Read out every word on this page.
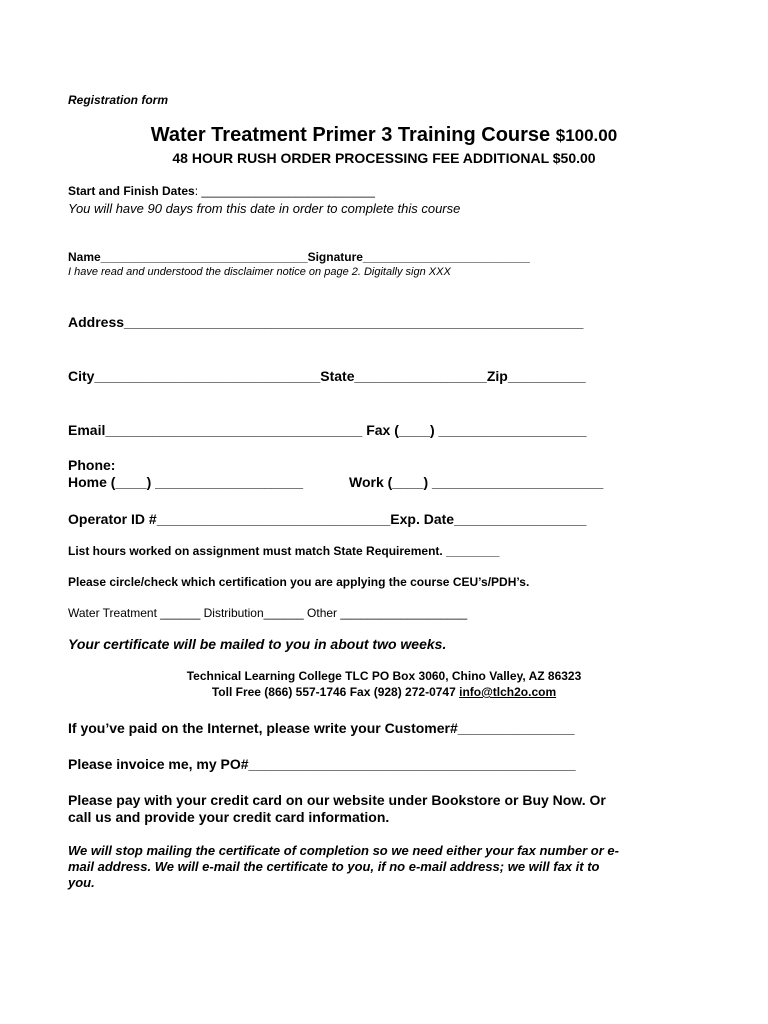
Registration form
Water Treatment Primer 3 Training Course $100.00
48 HOUR RUSH ORDER PROCESSING FEE ADDITIONAL $50.00
Start and Finish Dates: __________________________
You will have 90 days from this date in order to complete this course
Name_______________________________Signature_________________________
I have read and understood the disclaimer notice on page 2. Digitally sign XXX
Address___________________________________________________________
City_____________________________State_________________Zip__________
Email_________________________________ Fax (____) ___________________
Phone:
Home (____) ___________________	Work (____) ______________________
Operator ID #______________________________Exp. Date_________________
List hours worked on assignment must match State Requirement. ________
Please circle/check which certification you are applying the course CEU’s/PDH’s.
Water Treatment ______ Distribution______ Other ___________________
Your certificate will be mailed to you in about two weeks.
Technical Learning College TLC PO Box 3060, Chino Valley, AZ 86323
Toll Free (866) 557-1746 Fax (928) 272-0747 info@tlch2o.com
If you’ve paid on the Internet, please write your Customer#_______________
Please invoice me, my PO#__________________________________________
Please pay with your credit card on our website under Bookstore or Buy Now. Or
call us and provide your credit card information.
We will stop mailing the certificate of completion so we need either your fax number or e-
mail address. We will e-mail the certificate to you, if no e-mail address; we will fax it to
you.
